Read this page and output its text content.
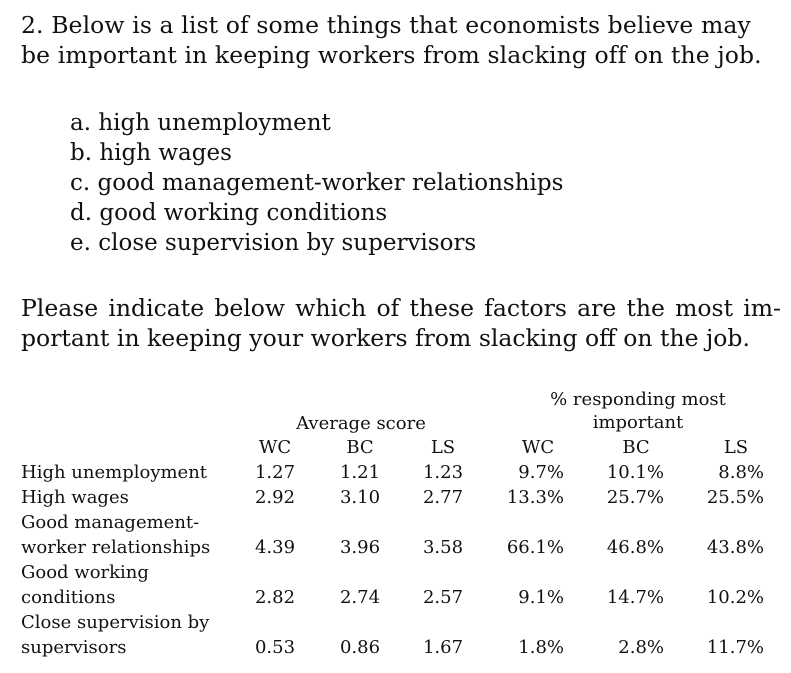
2. Below is a list of some things that economists believe may be important in keeping workers from slacking off on the job.
a. high unemployment
b. high wages
c. good management-worker relationships
d. good working conditions
e. close supervision by supervisors
Please indicate below which of these factors are the most im-
portant in keeping your workers from slacking off on the job.
Average score
% responding most
important
WC	BC	LS	WC	BC	LS
High unemployment	1.27	1.21	1.23	9.7%	10.1%	8.8%
High wages	2.92	3.10	2.77	13.3%	25.7%	25.5%
Good management-
worker relationships	4.39	3.96	3.58	66.1%	46.8%	43.8%
Good working
conditions	2.82	2.74	2.57	9.1%	14.7%	10.2%
Close supervision by
supervisors	0.53	0.86	1.67	1.8%	2.8%	11.7%
